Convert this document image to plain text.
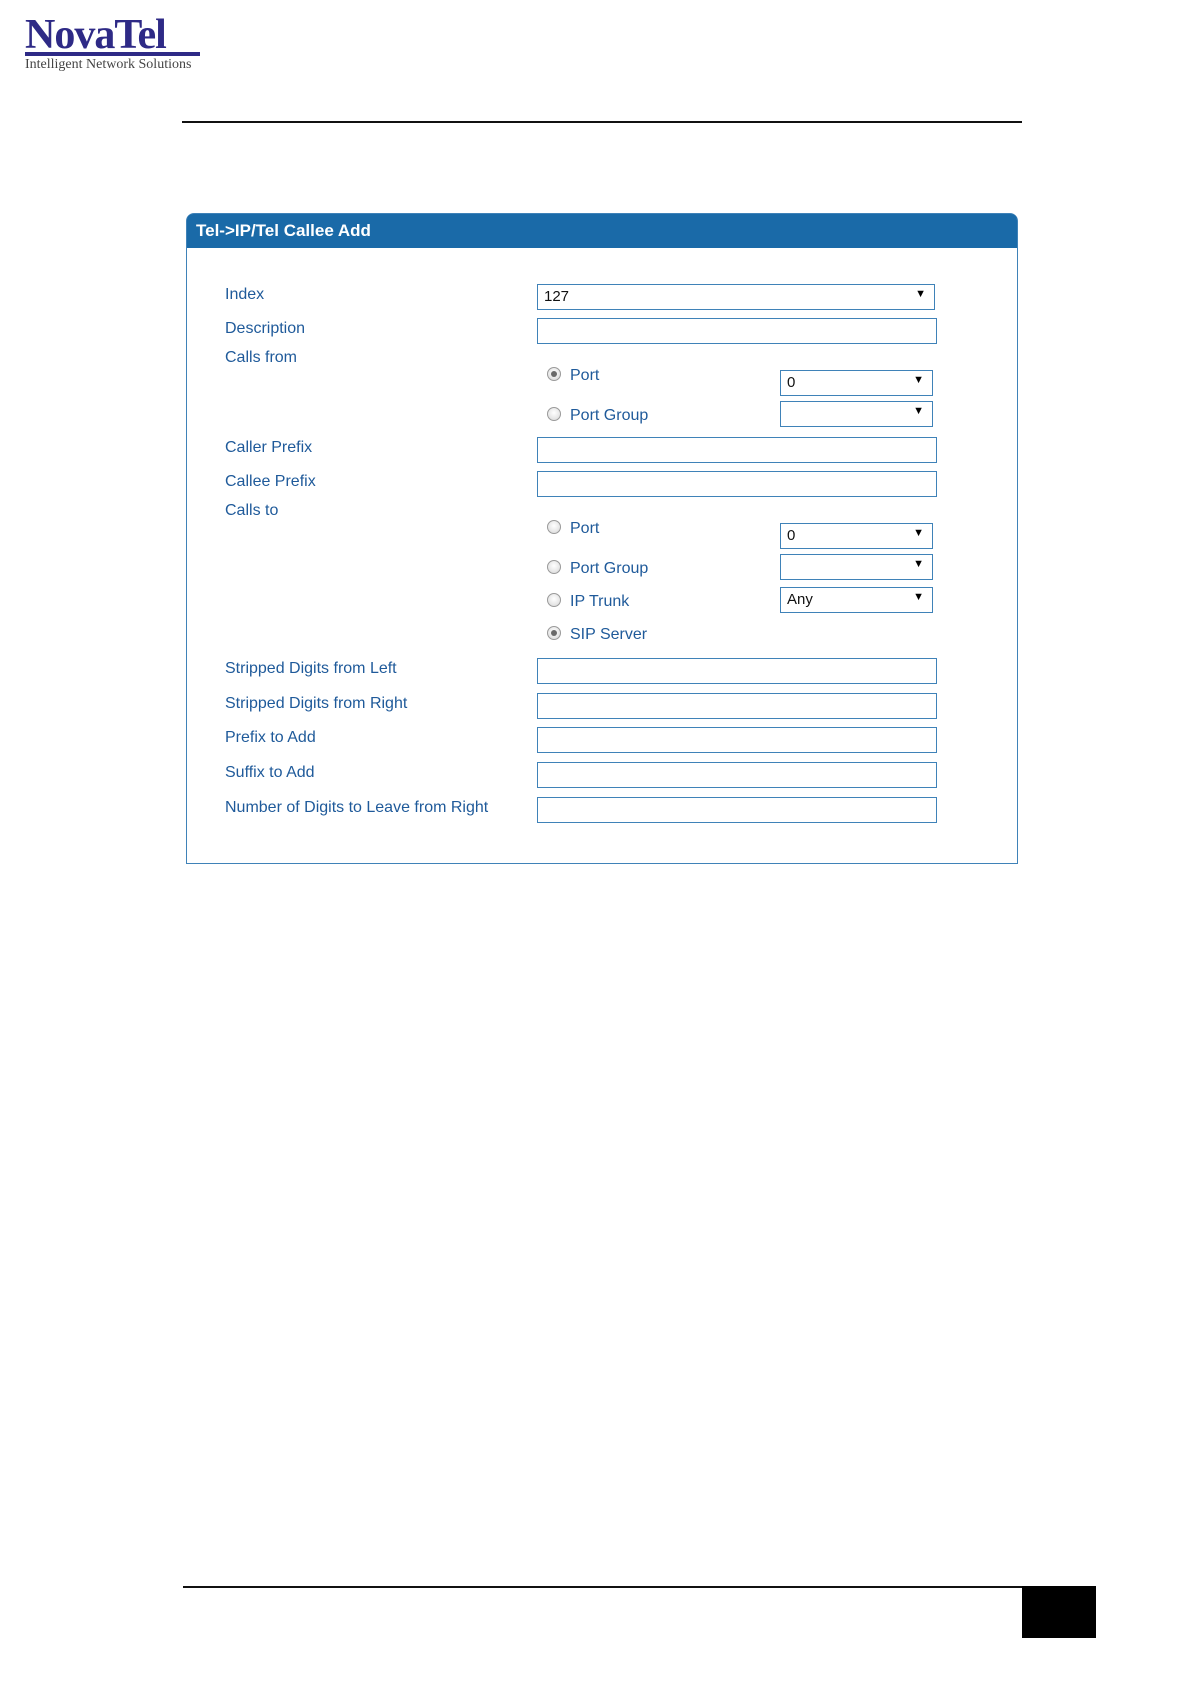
NovaTel
Intelligent Network Solutions
Tel->IP/Tel Callee Add
Index	127	▼
Description
Calls from
Port	0	▼
Port Group	▼
Caller Prefix
Callee Prefix
Calls to
Port	0	▼
Port Group	▼
IP Trunk	Any	▼
SIP Server
Stripped Digits from Left
Stripped Digits from Right
Prefix to Add
Suffix to Add
Number of Digits to Leave from Right
